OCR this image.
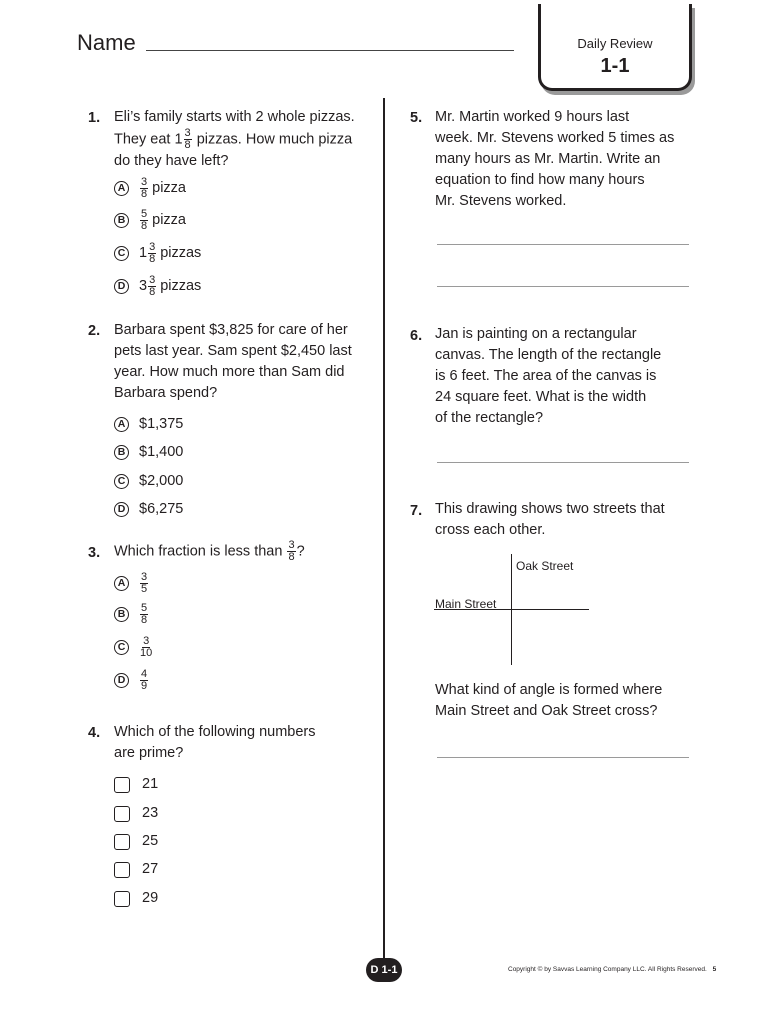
Name	Daily Review
1-1
1. Eli’s family starts with 2 whole pizzas.
They eat $1 \frac{3}{8}$ pizzas. How much pizza
do they have left?
A	$\frac{3}{8}$ pizza
B	$\frac{5}{8}$ pizza
C $1 \frac{3}{8}$ pizzas
D $3 \frac{3}{8}$ pizzas
2. Barbara spent $3,825 for care of her
pets last year. Sam spent $2,450 last
year. How much more than Sam did
Barbara spend?
A $1,375
B $1,400
C $2,000
D $6,275
3. Which fraction is less than $\frac{3}{8}$ ?
A	$\frac{3}{5}$
B	$\frac{5}{8}$
C	$\frac{3}{10}$
D	$\frac{4}{9}$
4. Which of the following numbers
are prime?
21
23
25
27
29
5. Mr. Martin worked 9 hours last
week. Mr. Stevens worked 5 times as
many hours as Mr. Martin. Write an
equation to find how many hours
Mr. Stevens worked.
6. Jan is painting on a rectangular
canvas. The length of the rectangle
is 6 feet. The area of the canvas is
24 square feet. What is the width
of the rectangle?
7. This drawing shows two streets that
cross each other.
Oak Street
Main Street
What kind of angle is formed where
Main Street and Oak Street cross?
D 1-1	Copyright © by Savvas Learning Company LLC. All Rights Reserved. 5
